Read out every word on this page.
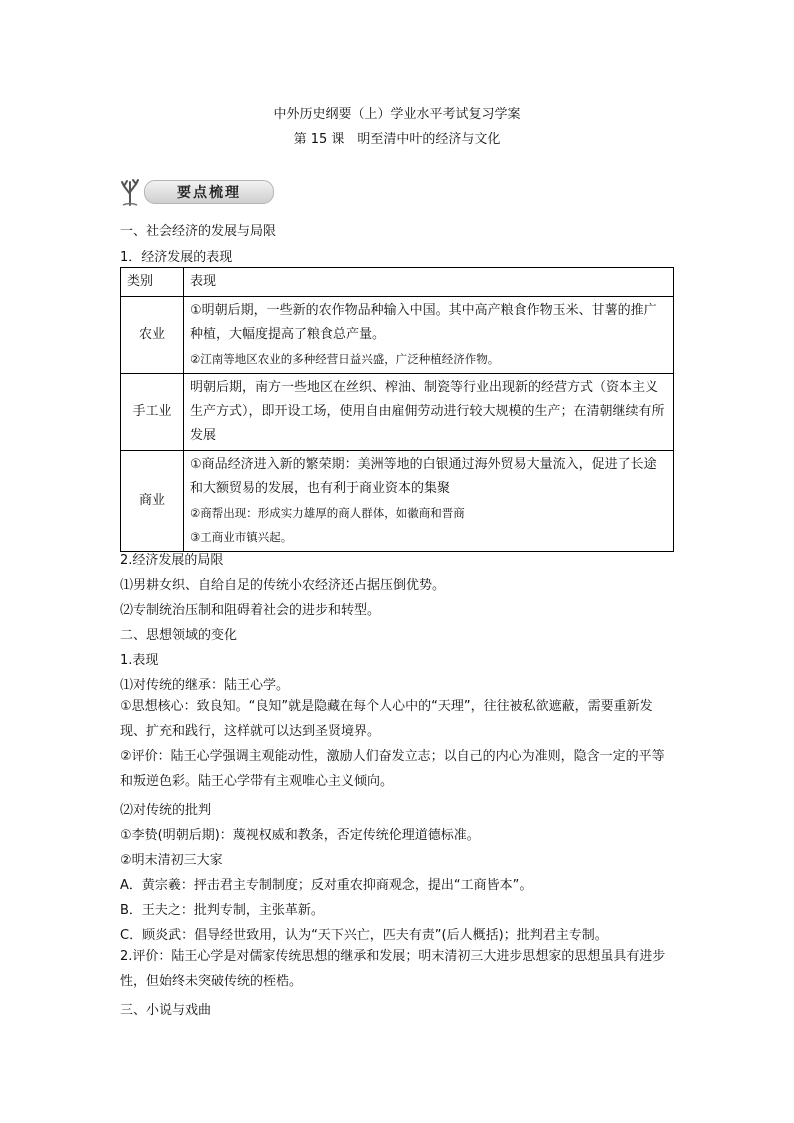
中外历史纲要（上）学业水平考试复习学案
第 15 课　明至清中叶的经济与文化
要点梳理
一、社会经济的发展与局限
1．经济发展的表现
类别	表现
农业	①明朝后期，一些新的农作物品种输入中国。其中高产粮食作物玉米、甘薯的推广种植，大幅度提高了粮食总产量。
②江南等地区农业的多种经营日益兴盛，广泛种植经济作物。

手工业	明朝后期，南方一些地区在丝织、榨油、制瓷等行业出现新的经营方式（资本主义生产方式），即开设工场，使用自由雇佣劳动进行较大规模的生产；在清朝继续有所发展
商业	①商品经济进入新的繁荣期：美洲等地的白银通过海外贸易大量流入，促进了长途和大额贸易的发展，也有利于商业资本的集聚
②商帮出现：形成实力雄厚的商人群体，如徽商和晋商
③工商业市镇兴起。
2.经济发展的局限
⑴男耕女织、自给自足的传统小农经济还占据压倒优势。
⑵专制统治压制和阻碍着社会的进步和转型。
二、思想领域的变化
1.表现
⑴对传统的继承：陆王心学。
①思想核心：致良知。“良知”就是隐藏在每个人心中的“天理”，往往被私欲遮蔽，需要重新发现、扩充和践行，这样就可以达到圣贤境界。
②评价：陆王心学强调主观能动性，激励人们奋发立志；以自己的内心为准则，隐含一定的平等和叛逆色彩。陆王心学带有主观唯心主义倾向。
⑵对传统的批判
①李贽(明朝后期)：蔑视权威和教条，否定传统伦理道德标准。
②明末清初三大家
A．黄宗羲：抨击君主专制制度；反对重农抑商观念，提出“工商皆本”。
B．王夫之：批判专制，主张革新。
C．顾炎武：倡导经世致用，认为“天下兴亡，匹夫有责”(后人概括)；批判君主专制。
2.评价：陆王心学是对儒家传统思想的继承和发展；明末清初三大进步思想家的思想虽具有进步性，但始终未突破传统的桎梏。
三、小说与戏曲
